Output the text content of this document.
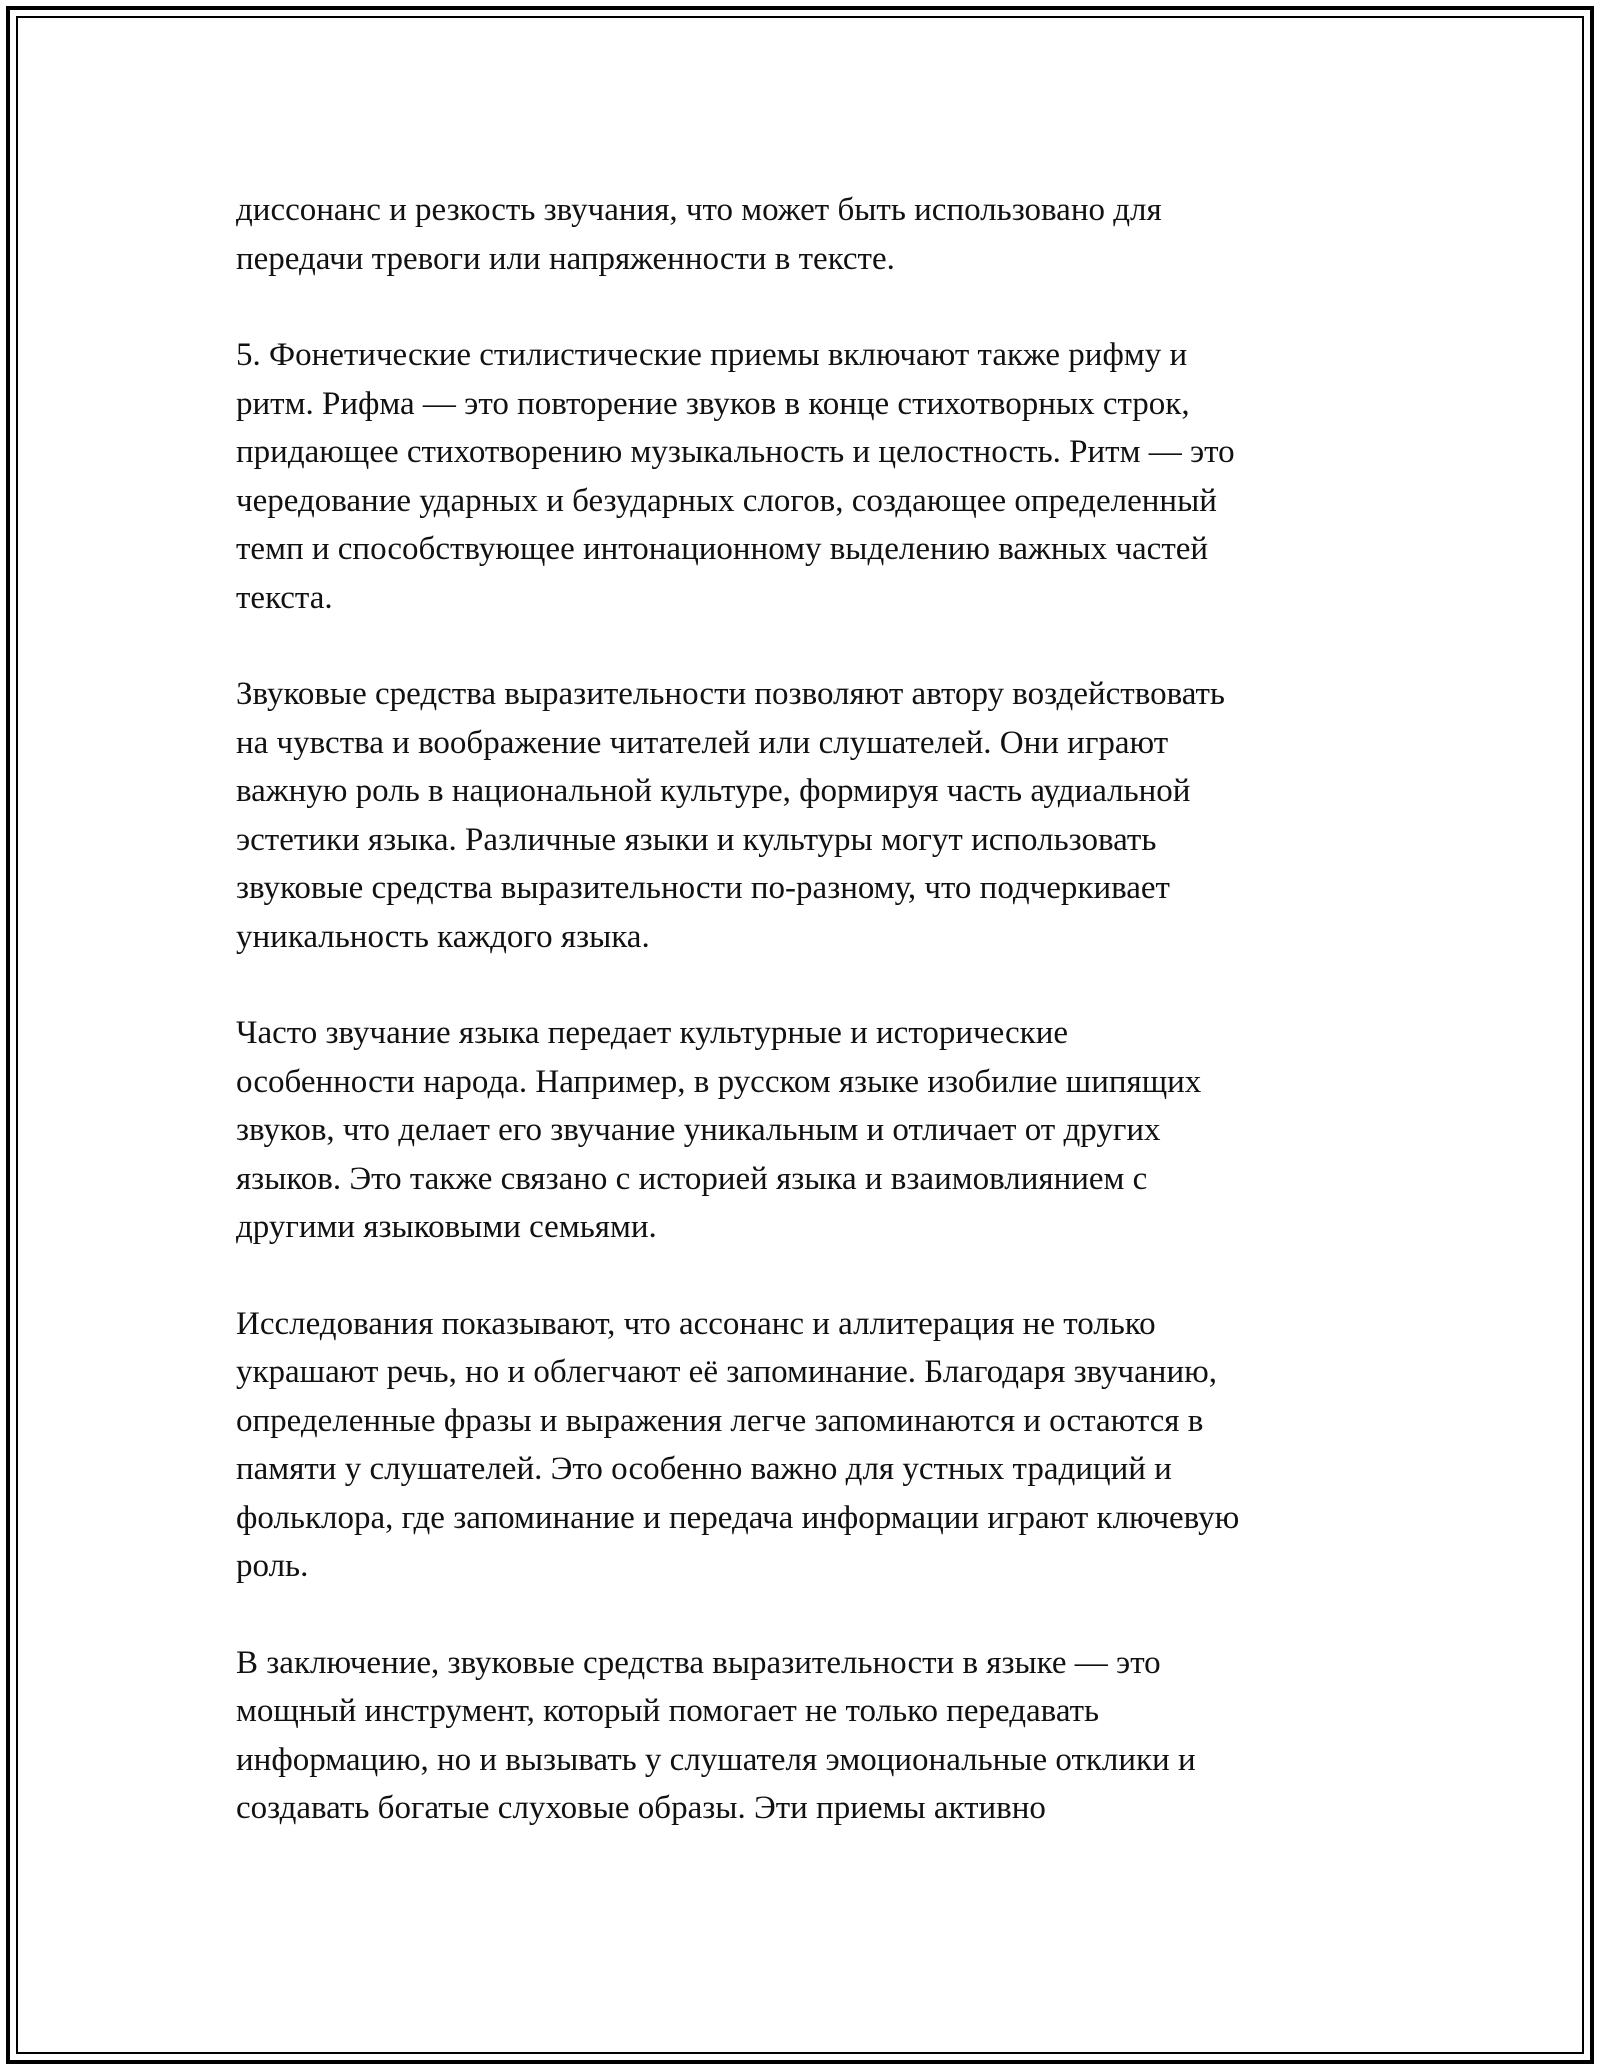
диссонанс и резкость звучания, что может быть использовано для
передачи тревоги или напряженности в тексте.

5. Фонетические стилистические приемы включают также рифму и
ритм. Рифма — это повторение звуков в конце стихотворных строк,
придающее стихотворению музыкальность и целостность. Ритм — это
чередование ударных и безударных слогов, создающее определенный
темп и способствующее интонационному выделению важных частей
текста.

Звуковые средства выразительности позволяют автору воздействовать
на чувства и воображение читателей или слушателей. Они играют
важную роль в национальной культуре, формируя часть аудиальной
эстетики языка. Различные языки и культуры могут использовать
звуковые средства выразительности по-разному, что подчеркивает
уникальность каждого языка.

Часто звучание языка передает культурные и исторические
особенности народа. Например, в русском языке изобилие шипящих
звуков, что делает его звучание уникальным и отличает от других
языков. Это также связано с историей языка и взаимовлиянием с
другими языковыми семьями.

Исследования показывают, что ассонанс и аллитерация не только
украшают речь, но и облегчают её запоминание. Благодаря звучанию,
определенные фразы и выражения легче запоминаются и остаются в
памяти у слушателей. Это особенно важно для устных традиций и
фольклора, где запоминание и передача информации играют ключевую
роль.

В заключение, звуковые средства выразительности в языке — это
мощный инструмент, который помогает не только передавать
информацию, но и вызывать у слушателя эмоциональные отклики и
создавать богатые слуховые образы. Эти приемы активно
